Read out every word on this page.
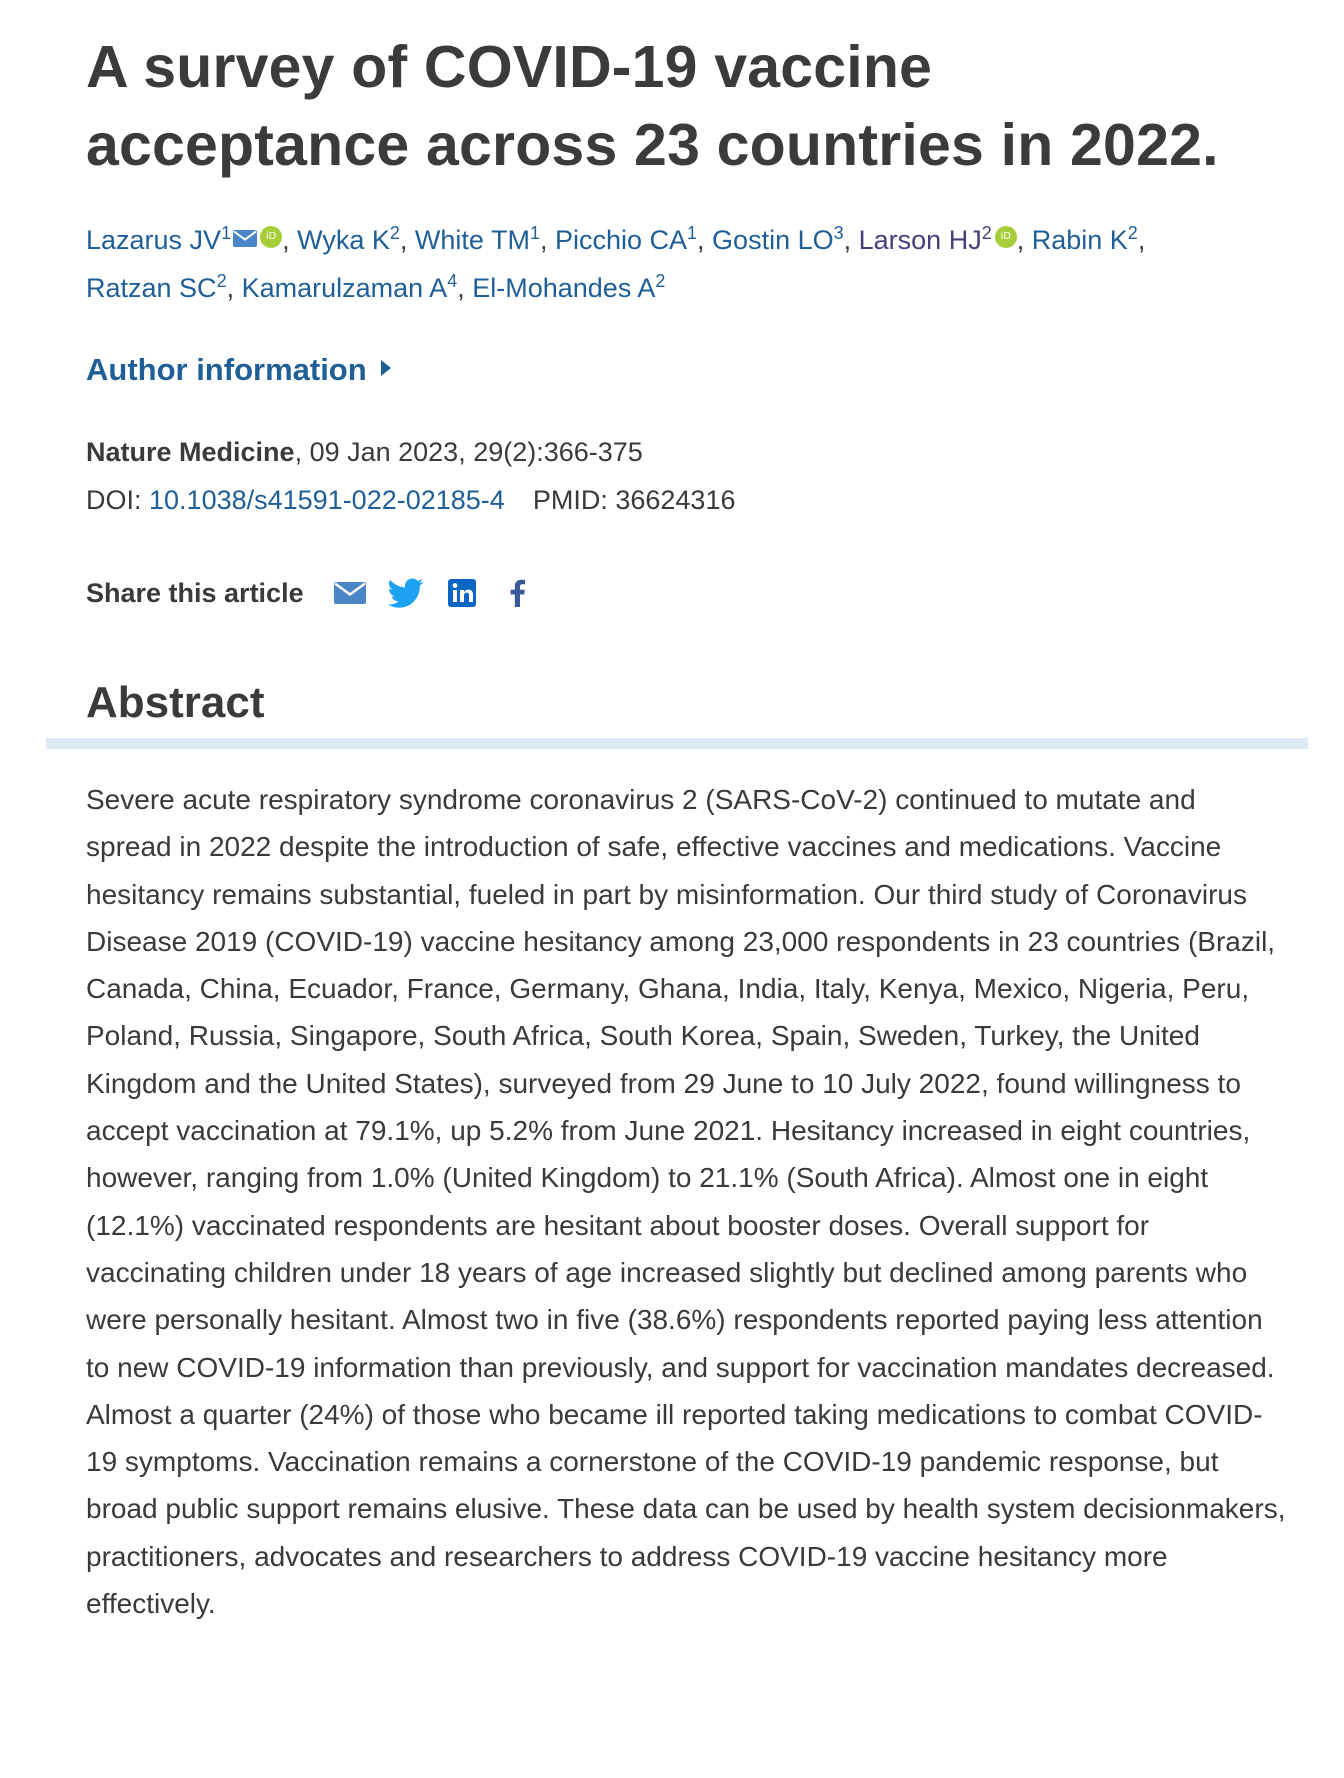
A survey of COVID-19 vaccine acceptance across 23 countries in 2022.
Lazarus $JV^1$	iD , Wyka $K^2$, White $TM^1$, Picchio $CA^1$, Gostin $LO^3$, Larson $HJ^2$ iD , Rabin $K^2$,
Ratzan $SC^2$, Kamarulzaman $A^4$, El-Mohandes $A^2$
Author information
Nature Medicine, 09 Jan 2023, 29(2):366-375
DOI: 10.1038/s41591-022-02185-4 PMID: 36624316
Share this article
Abstract

Severe acute respiratory syndrome coronavirus 2 (SARS-CoV-2) continued to mutate and spread in 2022 despite the introduction of safe, effective vaccines and medications. Vaccine hesitancy remains substantial, fueled in part by misinformation. Our third study of Coronavirus Disease 2019 (COVID-19) vaccine hesitancy among 23,000 respondents in 23 countries (Brazil, Canada, China, Ecuador, France, Germany, Ghana, India, Italy, Kenya, Mexico, Nigeria, Peru, Poland, Russia, Singapore, South Africa, South Korea, Spain, Sweden, Turkey, the United Kingdom and the United States), surveyed from 29 June to 10 July 2022, found willingness to accept vaccination at 79.1%, up 5.2% from June 2021. Hesitancy increased in eight countries, however, ranging from 1.0% (United Kingdom) to 21.1% (South Africa). Almost one in eight (12.1%) vaccinated respondents are hesitant about booster doses. Overall support for vaccinating children under 18 years of age increased slightly but declined among parents who were personally hesitant. Almost two in five (38.6%) respondents reported paying less attention to new COVID-19 information than previously, and support for vaccination mandates decreased. Almost a quarter (24%) of those who became ill reported taking medications to combat COVID-19 symptoms. Vaccination remains a cornerstone of the COVID-19 pandemic response, but broad public support remains elusive. These data can be used by health system decisionmakers, practitioners, advocates and researchers to address COVID-19 vaccine hesitancy more effectively.
